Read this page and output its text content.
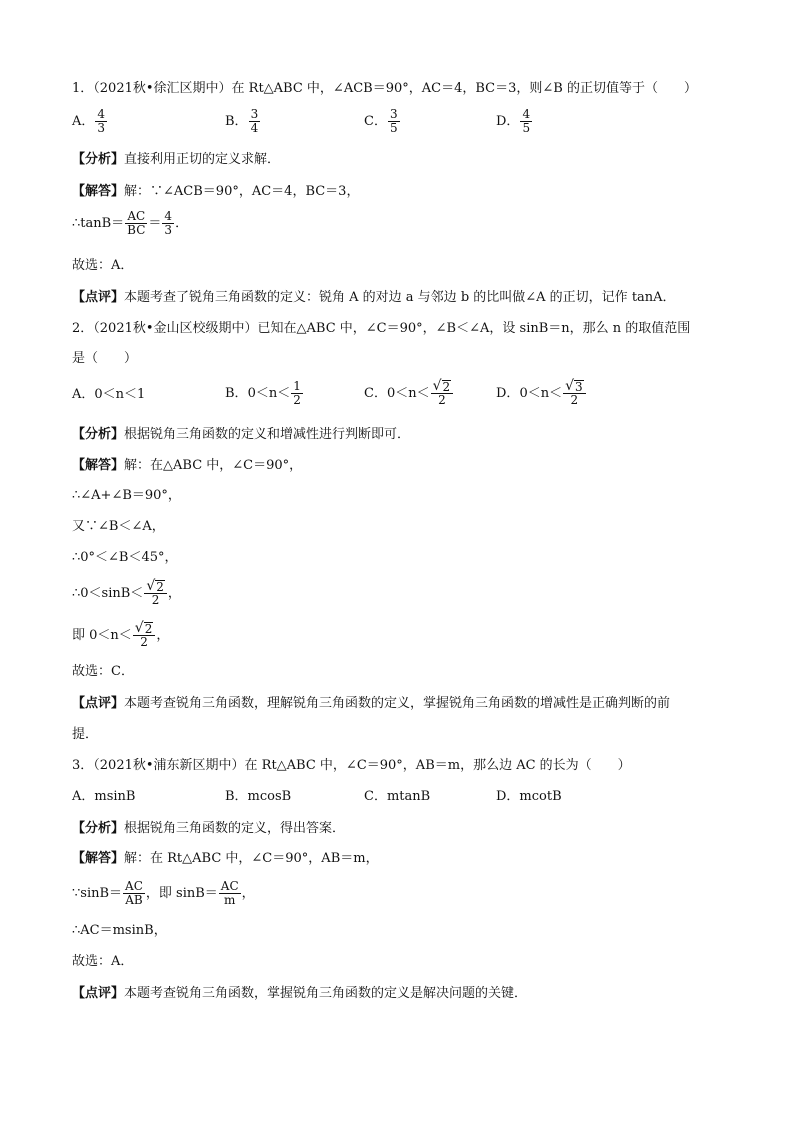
1．（2021秋•徐汇区期中）在 Rt△ABC 中，∠ACB＝90°，AC＝4，BC＝3，则∠B 的正切值等于（　　）
A． $\frac{4}{3}$	B． $\frac{3}{4}$	C． $\frac{3}{5}$	D． $\frac{4}{5}$
【分析】直接利用正切的定义求解．
【解答】解：∵∠ACB＝90°，AC＝4，BC＝3，
∴tanB＝ $\frac{AC}{BC} = \frac{4}{3}$ ．
故选：A．
【点评】本题考查了锐角三角函数的定义：锐角 A 的对边 a 与邻边 b 的比叫做∠A 的正切，记作 tanA．
2．（2021秋•金山区校级期中）已知在△ABC 中，∠C＝90°，∠B＜∠A，设 sinB＝n，那么 n 的取值范围
是（　　）
A．0＜n＜1	B．$0<n< \frac{1}{2}$	C．$0<n< \frac{√ 2}{2}$	D．$0<n< \frac{√ 3}{2}$
【分析】根据锐角三角函数的定义和增减性进行判断即可．
【解答】解：在△ABC 中，∠C＝90°，
∴∠A+∠B＝90°，
又∵∠B＜∠A，
∴0°＜∠B＜45°，
∴0＜sinB＜ $\frac{√ 2}{2}$ ，
即 $0<n< \frac{√ 2}{2}$ ，
故选：C．
【点评】本题考查锐角三角函数，理解锐角三角函数的定义，掌握锐角三角函数的增减性是正确判断的前
提．
3．（2021秋•浦东新区期中）在 Rt△ABC 中，∠C＝90°，AB＝m，那么边 AC 的长为（　　）
A．msinB	B．mcosB	C．mtanB	D．mcotB
【分析】根据锐角三角函数的定义，得出答案．
【解答】解：在 Rt△ABC 中，∠C＝90°，AB＝m，
∵sinB＝ $\frac{AC}{AB}$ ，即 $\sin B= \frac{AC}{m}$ ，
∴AC＝msinB，
故选：A．
【点评】本题考查锐角三角函数，掌握锐角三角函数的定义是解决问题的关键．
